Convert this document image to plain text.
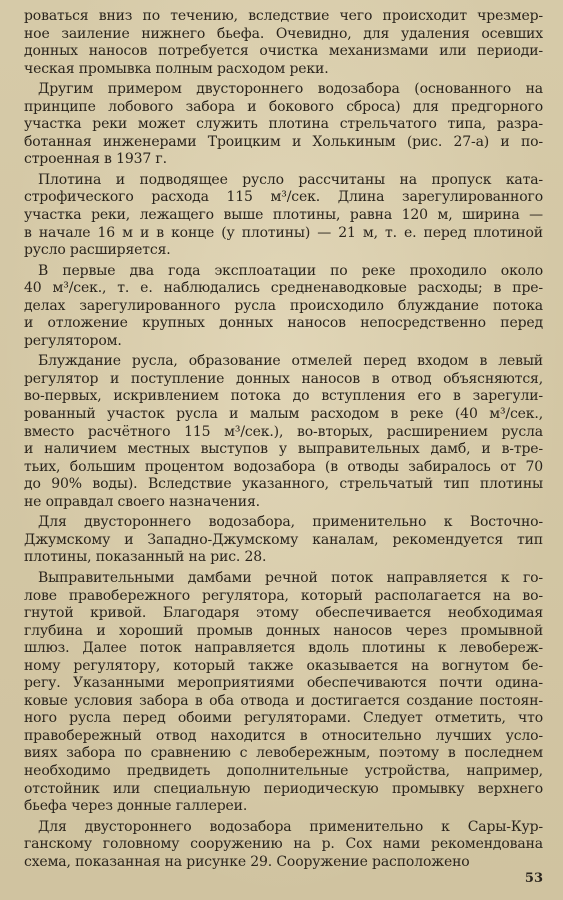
роваться вниз по течению, вследствие чего происходит чрезмер-
ное заиление нижнего бьефа. Очевидно, для удаления осевших
донных наносов потребуется очистка механизмами или периоди-
ческая промывка полным расходом реки.
Другим примером двустороннего водозабора (основанного на
принципе лобового забора и бокового сброса) для предгорного
участка реки может служить плотина стрельчатого типа, разра-
ботанная инженерами Троицким и Холькиным (рис. 27-а) и по-
строенная в 1937 г.
Плотина и подводящее русло рассчитаны на пропуск ката-
строфического расхода 115 м³/сек. Длина зарегулированного
участка реки, лежащего выше плотины, равна 120 м, ширина —
в начале 16 м и в конце (у плотины) — 21 м, т. е. перед плотиной
русло расширяется.
В первые два года эксплоатации по реке проходило около
40 м³/сек., т. е. наблюдались средненаводковые расходы; в пре-
делах зарегулированного русла происходило блуждание потока
и отложение крупных донных наносов непосредственно перед
регулятором.
Блуждание русла, образование отмелей перед входом в левый
регулятор и поступление донных наносов в отвод объясняются,
во-первых, искривлением потока до вступления его в зарегули-
рованный участок русла и малым расходом в реке (40 м³/сек.,
вместо расчётного 115 м³/сек.), во-вторых, расширением русла
и наличием местных выступов у выправительных дамб, и в-тре-
тьих, большим процентом водозабора (в отводы забиралось от 70
до 90% воды). Вследствие указанного, стрельчатый тип плотины
не оправдал своего назначения.
Для двустороннего водозабора, применительно к Восточно-
Джумскому и Западно-Джумскому каналам, рекомендуется тип
плотины, показанный на рис. 28.
Выправительными дамбами речной поток направляется к го-
лове правобережного регулятора, который располагается на во-
гнутой кривой. Благодаря этому обеспечивается необходимая
глубина и хороший промыв донных наносов через промывной
шлюз. Далее поток направляется вдоль плотины к левобереж-
ному регулятору, который также оказывается на вогнутом бе-
регу. Указанными мероприятиями обеспечиваются почти одина-
ковые условия забора в оба отвода и достигается создание постоян-
ного русла перед обоими регуляторами. Следует отметить, что
правобережный отвод находится в относительно лучших усло-
виях забора по сравнению с левобережным, поэтому в последнем
необходимо предвидеть дополнительные устройства, например,
отстойник или специальную периодическую промывку верхнего
бьефа через донные галлереи.
Для двустороннего водозабора применительно к Сары-Кур-
ганскому головному сооружению на р. Сох нами рекомендована
схема, показанная на рисунке 29. Сооружение расположено
53
